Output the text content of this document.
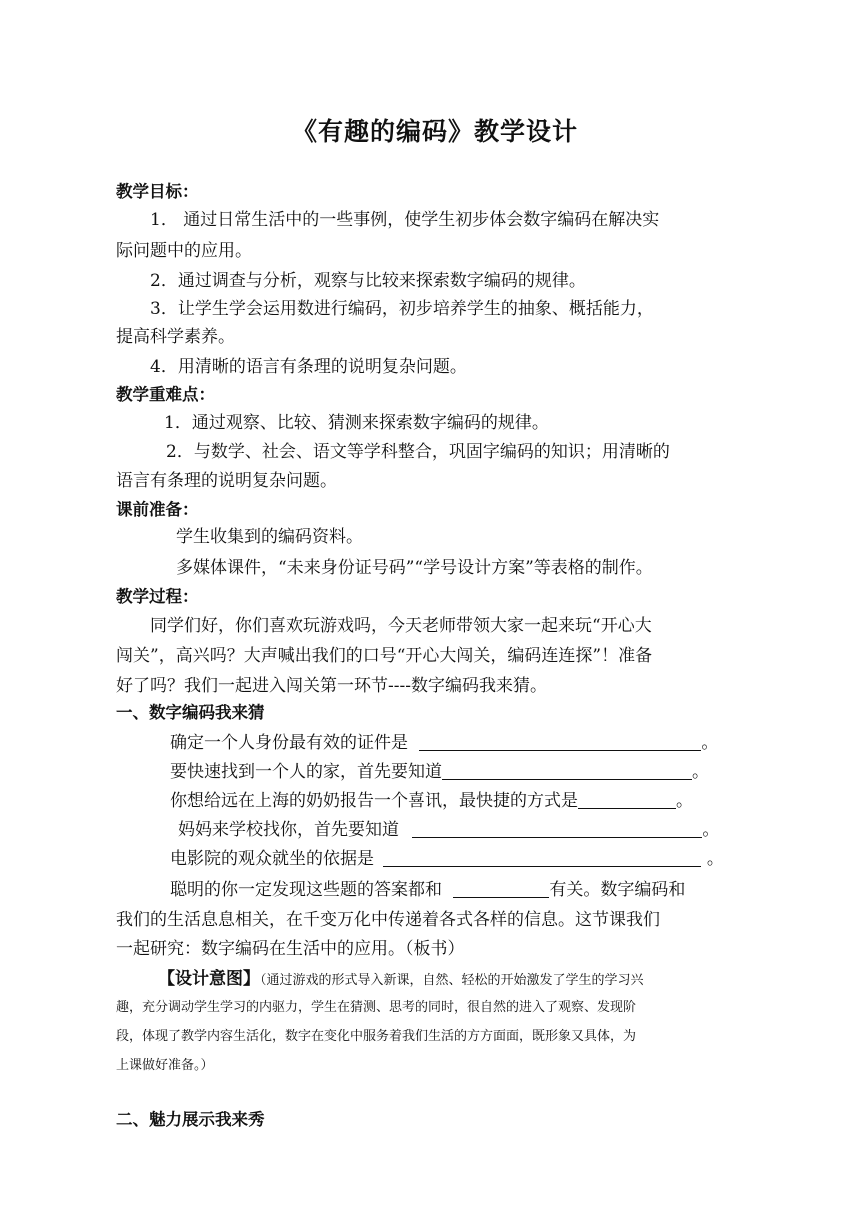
《有趣的编码》教学设计
教学目标：
1． 通过日常生活中的一些事例，使学生初步体会数字编码在解决实
际问题中的应用。
2．通过调查与分析，观察与比较来探索数字编码的规律。
3．让学生学会运用数进行编码，初步培养学生的抽象、概括能力，
提高科学素养。
4．用清晰的语言有条理的说明复杂问题。
教学重难点：
1．通过观察、比较、猜测来探索数字编码的规律。
2．与数学、社会、语文等学科整合，巩固字编码的知识；用清晰的
语言有条理的说明复杂问题。
课前准备：
学生收集到的编码资料。
多媒体课件，“未来身份证号码”“学号设计方案”等表格的制作。
教学过程：
同学们好，你们喜欢玩游戏吗，今天老师带领大家一起来玩“开心大
闯关”，高兴吗？大声喊出我们的口号“开心大闯关，编码连连探”！准备
好了吗？我们一起进入闯关第一环节----数字编码我来猜。
一、数字编码我来猜
确定一个人身份最有效的证件是	。
要快速找到一个人的家，首先要知道	。
你想给远在上海的奶奶报告一个喜讯，最快捷的方式是	。
妈妈来学校找你，首先要知道	。
电影院的观众就坐的依据是	。
聪明的你一定发现这些题的答案都和	有关。数字编码和
我们的生活息息相关，在千变万化中传递着各式各样的信息。这节课我们
一起研究：数字编码在生活中的应用。（板书）
【设计意图】（通过游戏的形式导入新课，自然、轻松的开始激发了学生的学习兴
趣，充分调动学生学习的内驱力，学生在猜测、思考的同时，很自然的进入了观察、发现阶
段，体现了教学内容生活化，数字在变化中服务着我们生活的方方面面，既形象又具体，为
上课做好准备。）
二、魅力展示我来秀
